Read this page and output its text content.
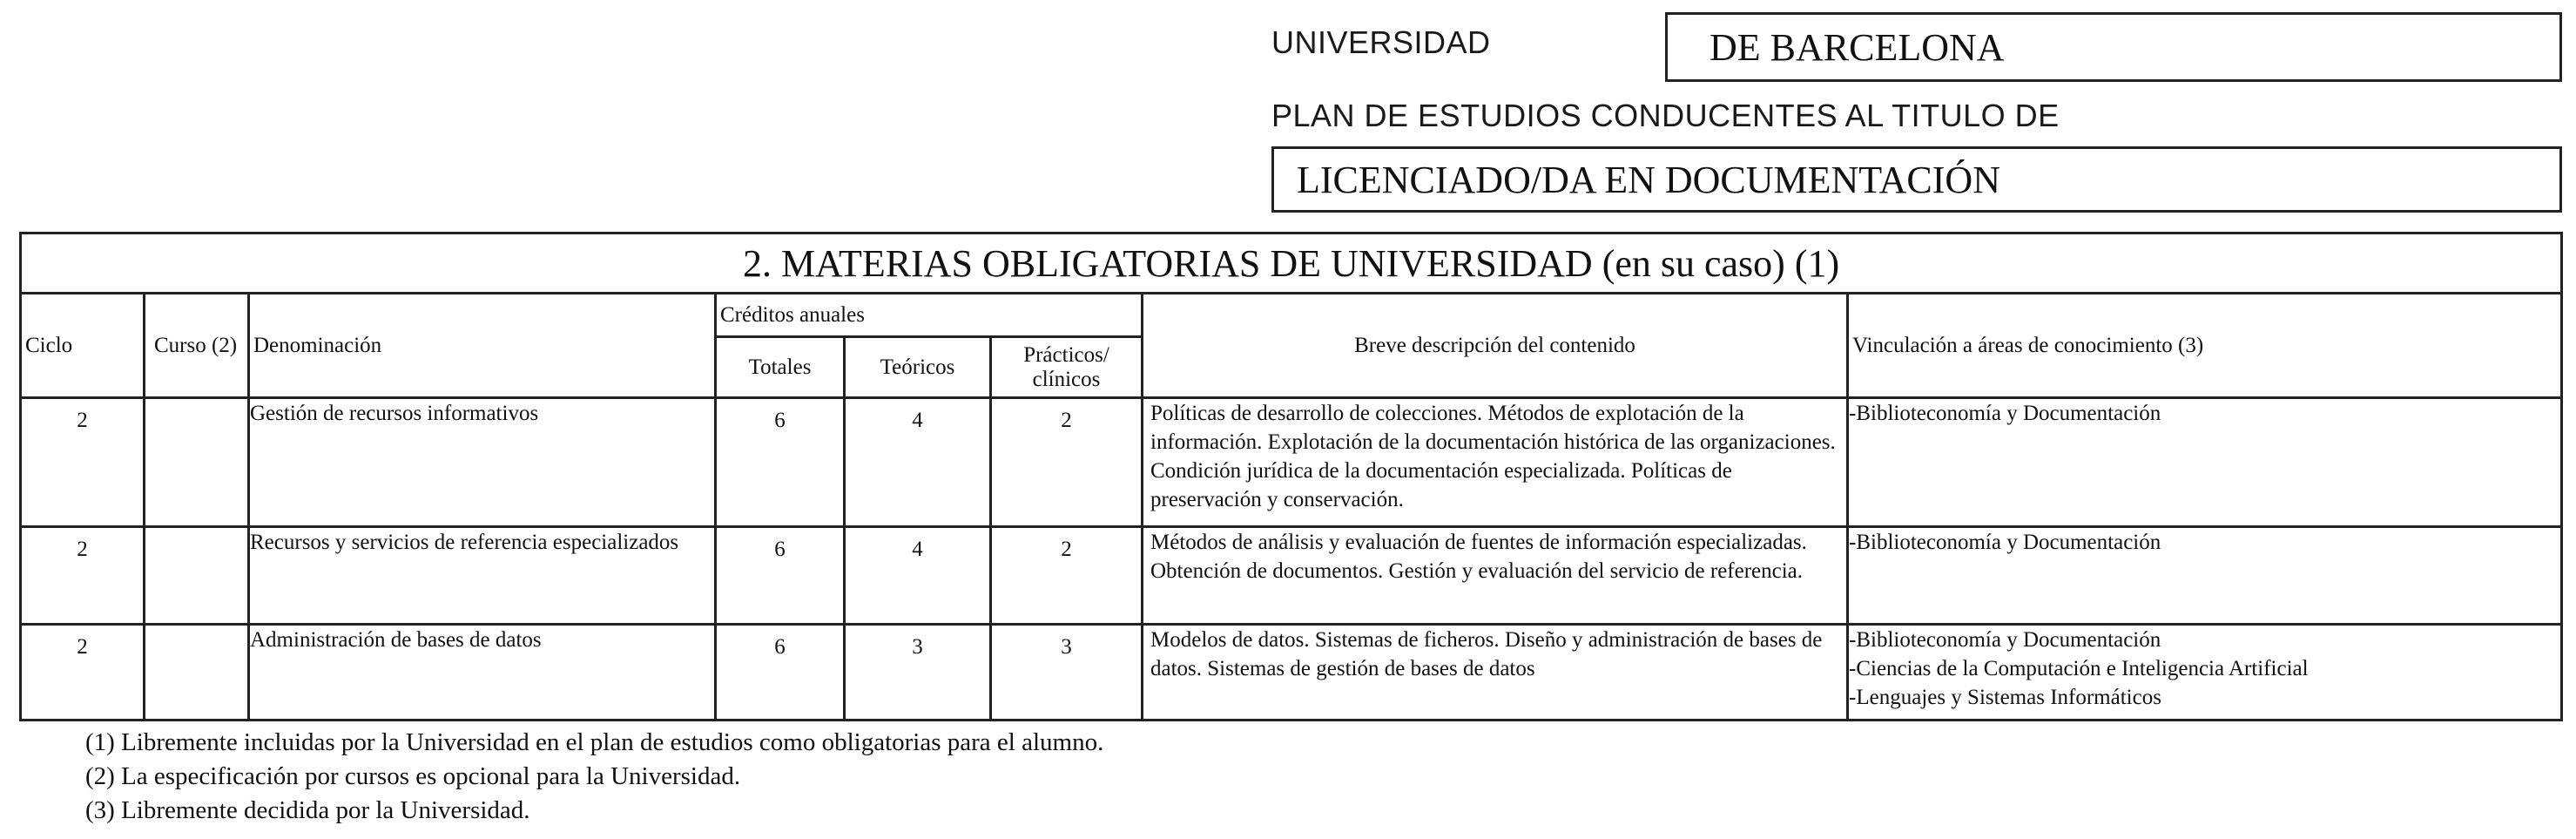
UNIVERSIDAD	DE BARCELONA
PLAN DE ESTUDIOS CONDUCENTES AL TITULO DE
LICENCIADO/DA EN DOCUMENTACIÓN
2. MATERIAS OBLIGATORIAS DE UNIVERSIDAD (en su caso) (1)							
Ciclo	Curso (2)	Denominación	Créditos anuales			Breve descripción del contenido	Vinculación a áreas de conocimiento (3)
			Totales	Teóricos	Prácticos/ clínicos		
2		Gestión de recursos informativos	6	4	2	Políticas de desarrollo de colecciones. Métodos de explotación de la información. Explotación de la documentación histórica de las organizaciones. Condición jurídica de la documentación especializada. Políticas de preservación y conservación.	-Biblioteconomía y Documentación

2		Recursos y servicios de referencia especializados	6	4	2	Métodos de análisis y evaluación de fuentes de información especializadas. Obtención de documentos. Gestión y evaluación del servicio de referencia.	-Biblioteconomía y Documentación

2		Administración de bases de datos	6	3	3	Modelos de datos. Sistemas de ficheros. Diseño y administración de bases de datos. Sistemas de gestión de bases de datos	-Biblioteconomía y Documentación
-Ciencias de la Computación e Inteligencia Artificial
-Lenguajes y Sistemas Informáticos
(1) Libremente incluidas por la Universidad en el plan de estudios como obligatorias para el alumno.
(2) La especificación por cursos es opcional para la Universidad.
(3) Libremente decidida por la Universidad.
